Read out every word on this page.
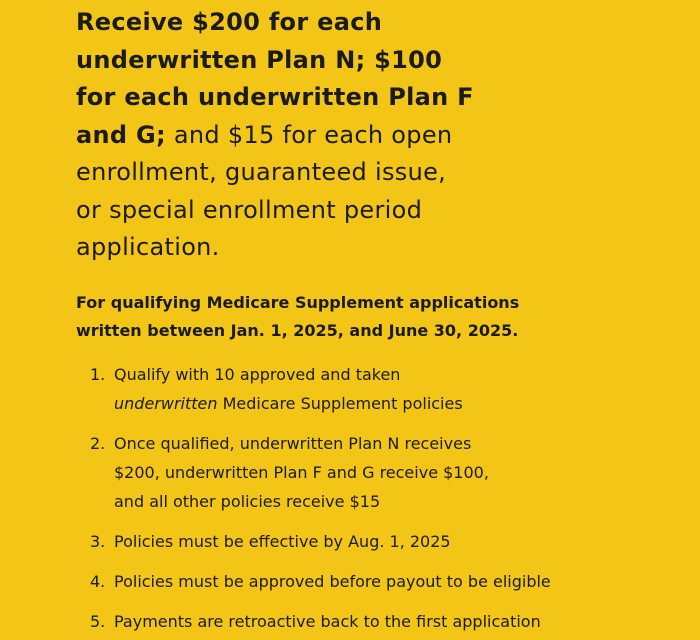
Receive $200 for each
underwritten Plan N; $100
for each underwritten Plan F
and G; and $15 for each open
enrollment, guaranteed issue,
or special enrollment period
application.

For qualifying Medicare Supplement applications
written between Jan. 1, 2025, and June 30, 2025.

1. Qualify with 10 approved and taken
underwritten Medicare Supplement policies
2. Once qualified, underwritten Plan N receives
$200, underwritten Plan F and G receive $100,
and all other policies receive $15
3. Policies must be effective by Aug. 1, 2025
4. Policies must be approved before payout to be eligible
5. Payments are retroactive back to the first application
